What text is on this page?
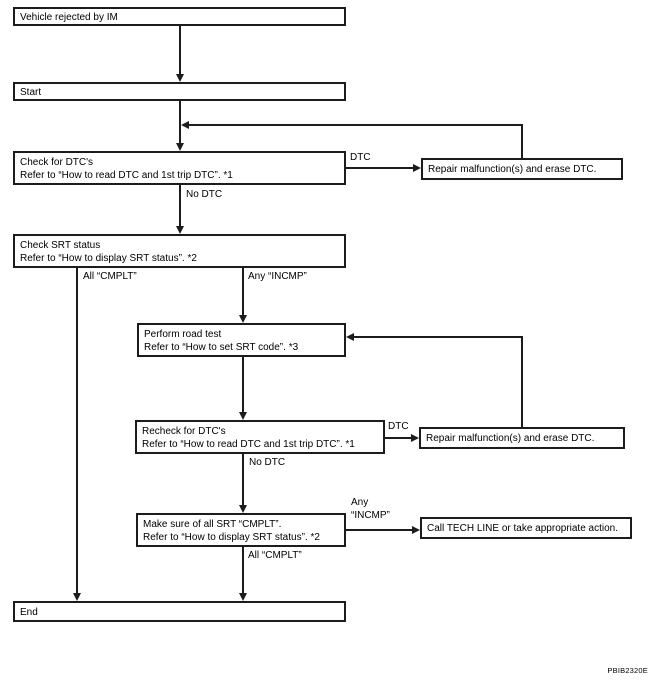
Vehicle rejected by IM
Start
Check for DTC's
Refer to “How to read DTC and 1st trip DTC”. *1
Repair malfunction(s) and erase DTC.
Check SRT status
Refer to “How to display SRT status”. *2
Perform road test
Refer to “How to set SRT code”. *3
Recheck for DTC's
Refer to “How to read DTC and 1st trip DTC”. *1
Repair malfunction(s) and erase DTC.
Make sure of all SRT “CMPLT”.
Refer to “How to display SRT status”. *2
Call TECH LINE or take appropriate action.
End
DTC
No DTC
All “CMPLT”	Any “INCMP”
DTC
No DTC
Any
“INCMP”
All “CMPLT”
PBIB2320E
